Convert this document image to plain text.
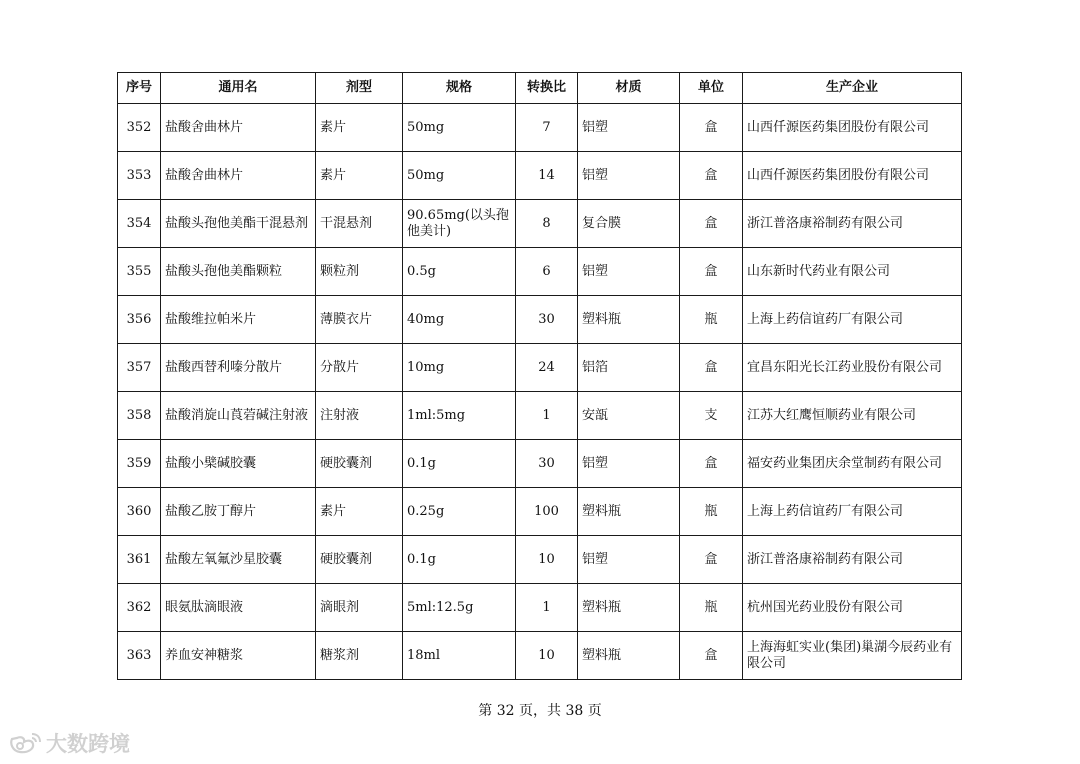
序号	通用名	剂型	规格	转换比	材质	单位	生产企业
352	盐酸舍曲林片	素片	50mg	7	铝塑	盒	山西仟源医药集团股份有限公司
353	盐酸舍曲林片	素片	50mg	14	铝塑	盒	山西仟源医药集团股份有限公司
354	盐酸头孢他美酯干混悬剂	干混悬剂	90.65mg(以头孢他美计)	8	复合膜	盒	浙江普洛康裕制药有限公司
355	盐酸头孢他美酯颗粒	颗粒剂	0.5g	6	铝塑	盒	山东新时代药业有限公司
356	盐酸维拉帕米片	薄膜衣片	40mg	30	塑料瓶	瓶	上海上药信谊药厂有限公司
357	盐酸西替利嗪分散片	分散片	10mg	24	铝箔	盒	宜昌东阳光长江药业股份有限公司
358	盐酸消旋山莨菪碱注射液	注射液	1ml:5mg	1	安瓿	支	江苏大红鹰恒顺药业有限公司
359	盐酸小檗碱胶囊	硬胶囊剂	0.1g	30	铝塑	盒	福安药业集团庆余堂制药有限公司
360	盐酸乙胺丁醇片	素片	0.25g	100	塑料瓶	瓶	上海上药信谊药厂有限公司
361	盐酸左氧氟沙星胶囊	硬胶囊剂	0.1g	10	铝塑	盒	浙江普洛康裕制药有限公司
362	眼氨肽滴眼液	滴眼剂	5ml:12.5g	1	塑料瓶	瓶	杭州国光药业股份有限公司
363	养血安神糖浆	糖浆剂	18ml	10	塑料瓶	盒	上海海虹实业(集团)巢湖今辰药业有限公司
第 32 页，共 38 页
大数跨境
